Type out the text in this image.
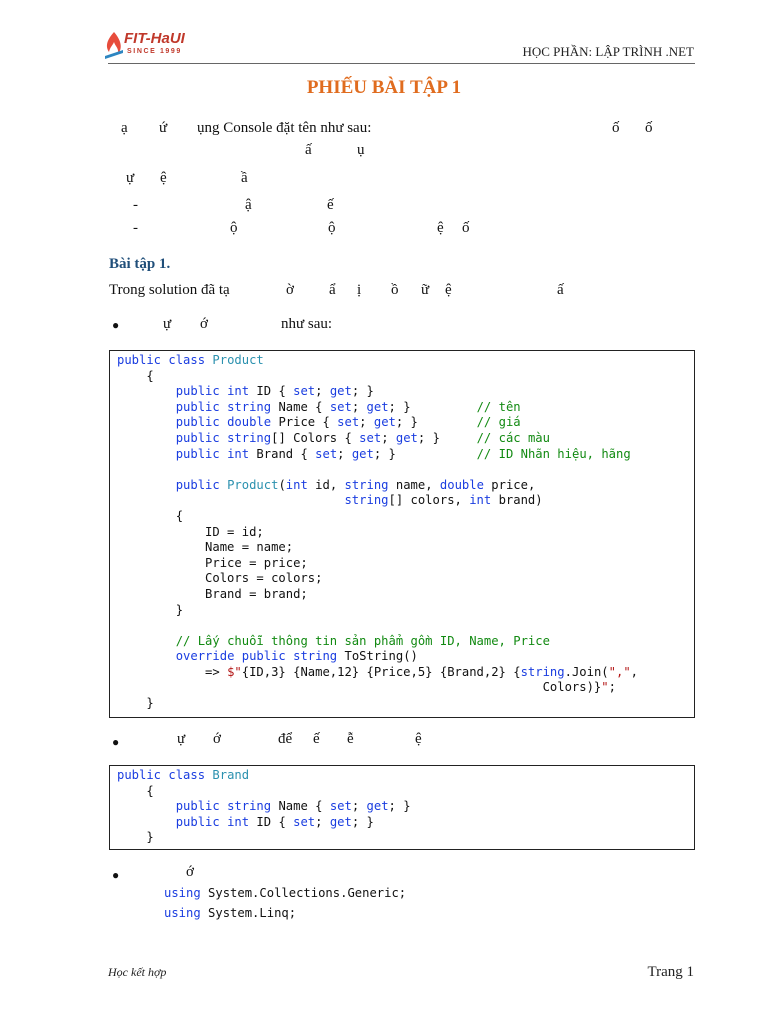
FIT-HaUI
SINCE 1999	HỌC PHẦN: LẬP TRÌNH .NET
PHIẾU BÀI TẬP 1
ạ ứ ụng Console đặt tên như sau:	ố ố
ấ	ụ
ự ệ	ầ
-	ậ	ế
-	ộ	ộ	ệ ố
Bài tập 1.
Trong solution đã tạ	ờ ẩ ị ồ ữ ệ	ấ
●	ự ớ	như sau:
public class Product
{
public int ID { set; get; }
public string Name { set; get; }         // tên
public double Price { set; get; }        // giá
public string[] Colors { set; get; }     // các màu
public int Brand { set; get; }           // ID Nhãn hiệu, hãng

public Product(int id, string name, double price,
string[] colors, int brand)
{
ID = id;
Name = name;
Price = price;
Colors = colors;
Brand = brand;
}

// Lấy chuỗi thông tin sản phẩm gồm ID, Name, Price
override public string ToString()
=> $"{ID,3} {Name,12} {Price,5} {Brand,2} {string.Join(",",
Colors)}";
}
●	ự ớ	để ế ễ	ệ
public class Brand
{
public string Name { set; get; }
public int ID { set; get; }
}
●	ớ
using System.Collections.Generic;
using System.Linq;
Học kết hợp	Trang 1
